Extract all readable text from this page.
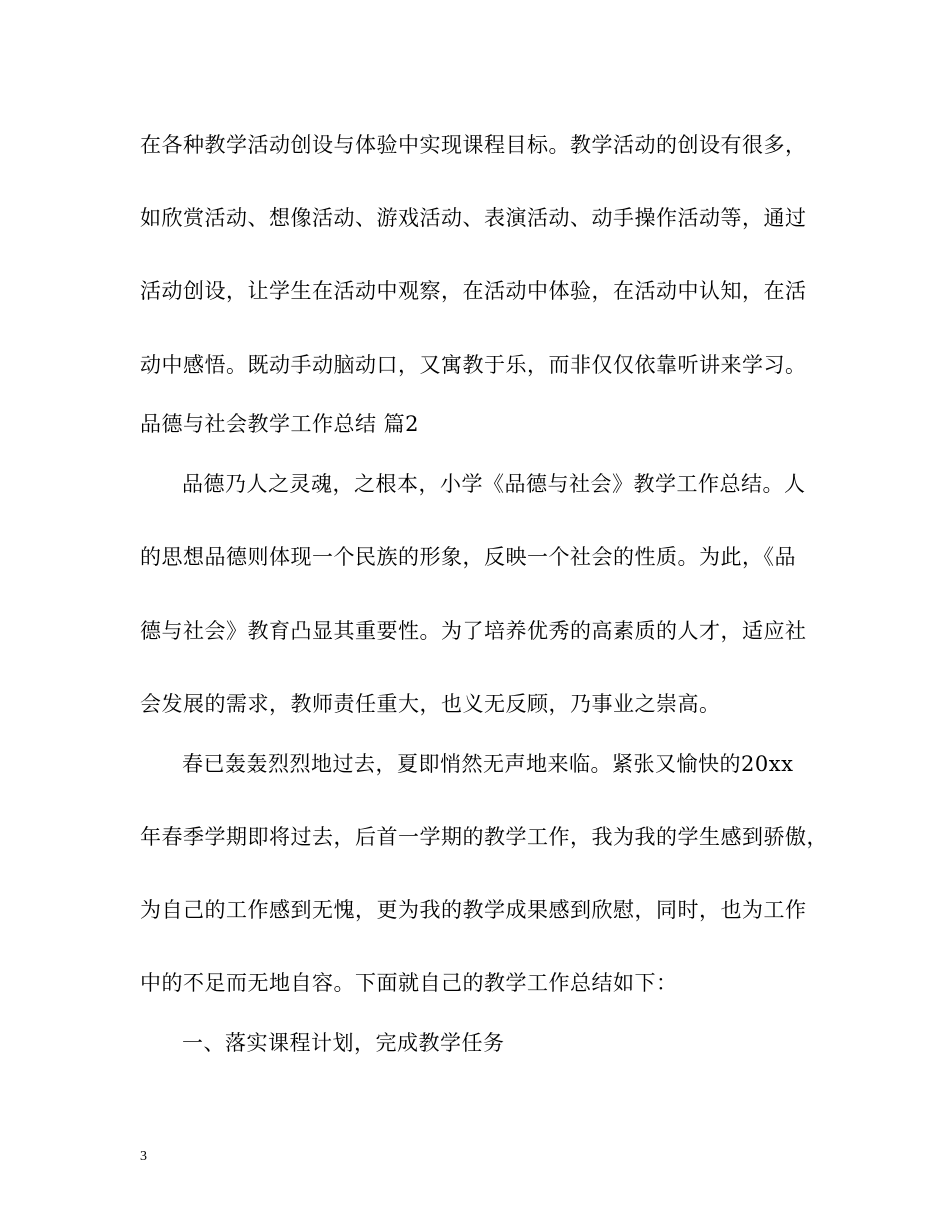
在各种教学活动创设与体验中实现课程目标。教学活动的创设有很多，
如欣赏活动、想像活动、游戏活动、表演活动、动手操作活动等，通过
活动创设，让学生在活动中观察，在活动中体验，在活动中认知，在活
动中感悟。既动手动脑动口，又寓教于乐，而非仅仅依靠听讲来学习。
品德与社会教学工作总结 篇2
品德乃人之灵魂，之根本，小学《品德与社会》教学工作总结。人
的思想品德则体现一个民族的形象，反映一个社会的性质。为此，《品
德与社会》教育凸显其重要性。为了培养优秀的高素质的人才，适应社
会发展的需求，教师责任重大，也义无反顾，乃事业之崇高。
春已轰轰烈烈地过去，夏即悄然无声地来临。紧张又愉快的20xx
年春季学期即将过去，后首一学期的教学工作，我为我的学生感到骄傲，
为自己的工作感到无愧，更为我的教学成果感到欣慰，同时，也为工作
中的不足而无地自容。下面就自己的教学工作总结如下：
一、落实课程计划，完成教学任务
3
